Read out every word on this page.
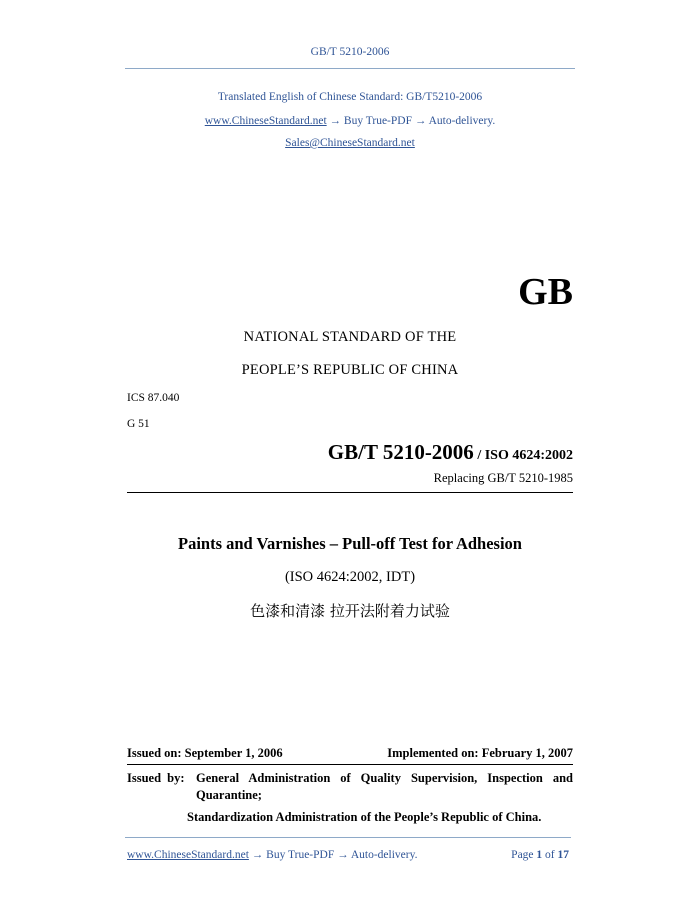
GB/T 5210-2006
Translated English of Chinese Standard: GB/T5210-2006
www.ChineseStandard.net → Buy True-PDF → Auto-delivery.
Sales@ChineseStandard.net
GB
NATIONAL STANDARD OF THE
PEOPLE’S REPUBLIC OF CHINA
ICS 87.040
G 51
GB/T 5210-2006 / ISO 4624:2002
Replacing GB/T 5210-1985
Paints and Varnishes – Pull-off Test for Adhesion
(ISO 4624:2002, IDT)
色漆和清漆 拉开法附着力试验
Issued on: September 1, 2006	Implemented on: February 1, 2007
Issued by: General Administration of Quality Supervision, Inspection and Quarantine;
Standardization Administration of the People’s Republic of China.
www.ChineseStandard.net → Buy True-PDF → Auto-delivery.	Page 1 of 17
